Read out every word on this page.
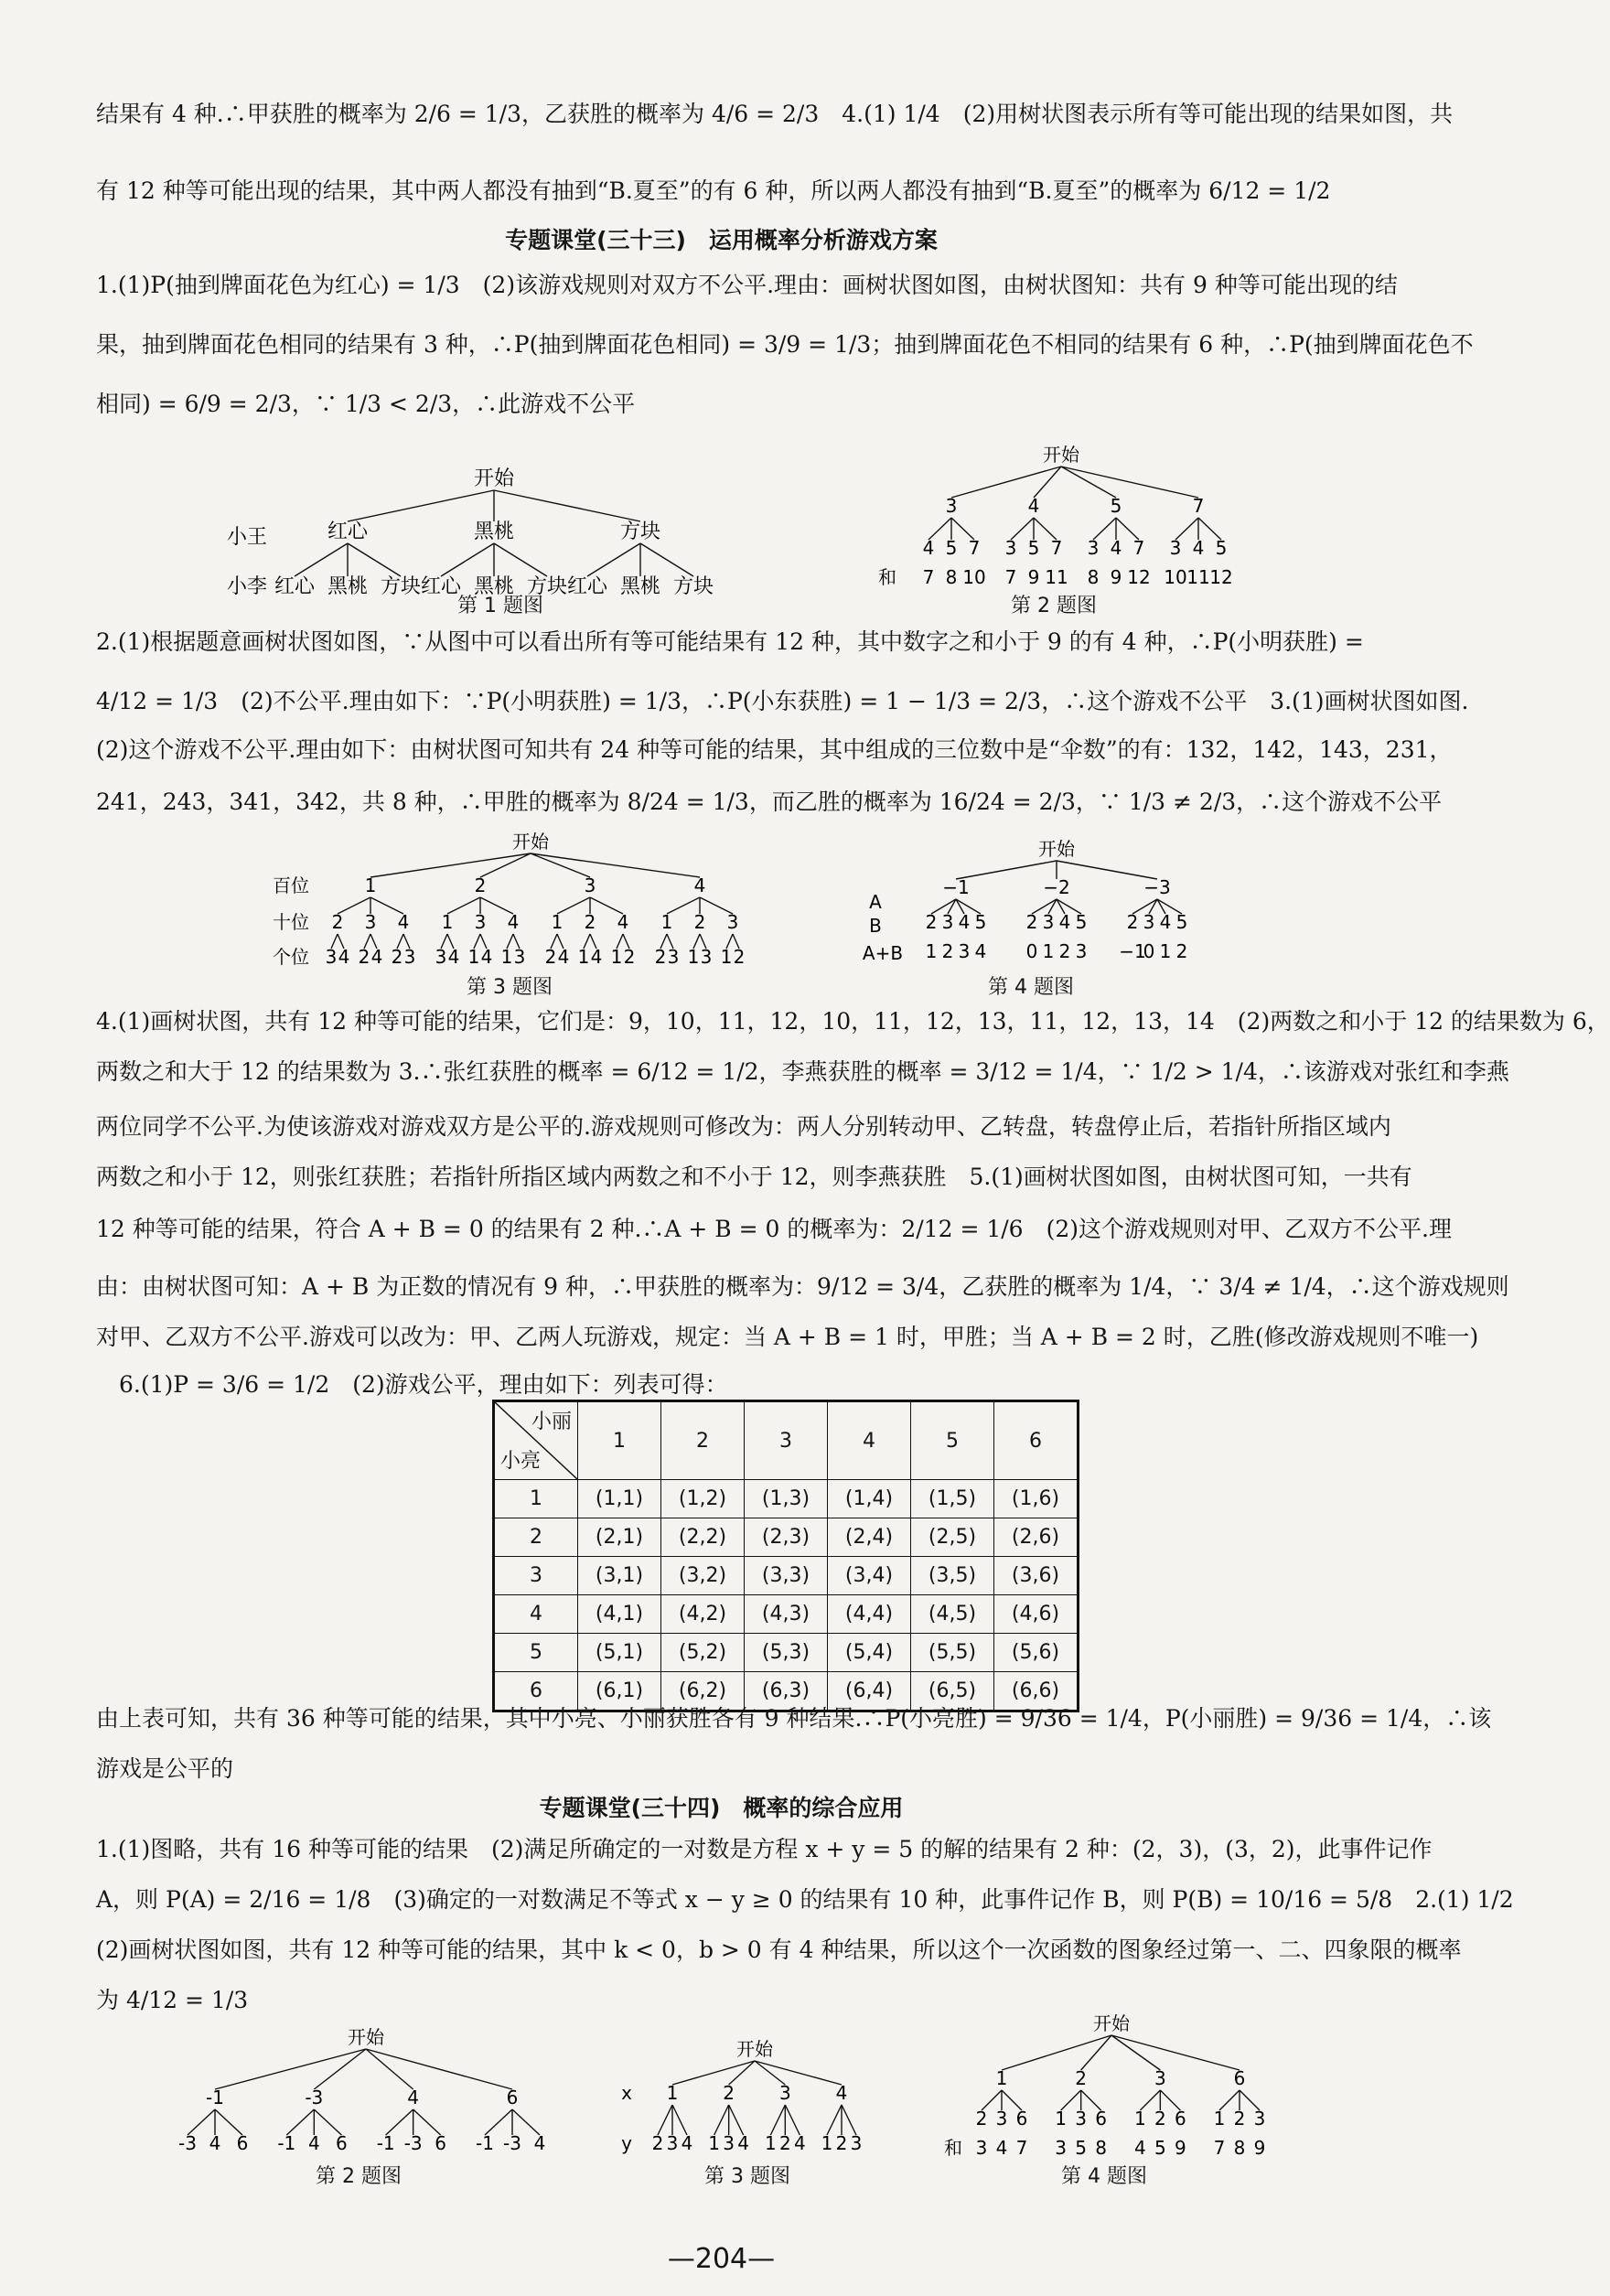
结果有 4 种.∴甲获胜的概率为 2/6 = 1/3，乙获胜的概率为 4/6 = 2/3　4.(1) 1/4　(2)用树状图表示所有等可能出现的结果如图，共
有 12 种等可能出现的结果，其中两人都没有抽到“B.夏至”的有 6 种，所以两人都没有抽到“B.夏至”的概率为 6/12 = 1/2
专题课堂(三十三)　运用概率分析游戏方案
1.(1)P(抽到牌面花色为红心) = 1/3　(2)该游戏规则对双方不公平.理由：画树状图如图，由树状图知：共有 9 种等可能出现的结
果，抽到牌面花色相同的结果有 3 种，∴P(抽到牌面花色相同) = 3/9 = 1/3；抽到牌面花色不相同的结果有 6 种，∴P(抽到牌面花色不
相同) = 6/9 = 2/3，∵ 1/3 < 2/3，∴此游戏不公平
开始
红心	黑桃	方块
红心 黑桃 方块 红心 黑桃 方块 红心 黑桃 方块
小王
小李
第 1 题图
开始
3	4	5	7
4 5 7 3 5 7 3 4 7 3 4 5
7 8 10 7 9 11 8 9 12 10 11 12
和
第 2 题图
2.(1)根据题意画树状图如图，∵从图中可以看出所有等可能结果有 12 种，其中数字之和小于 9 的有 4 种，∴P(小明获胜) =
4/12 = 1/3　(2)不公平.理由如下：∵P(小明获胜) = 1/3，∴P(小东获胜) = 1 − 1/3 = 2/3，∴这个游戏不公平　3.(1)画树状图如图.
(2)这个游戏不公平.理由如下：由树状图可知共有 24 种等可能的结果，其中组成的三位数中是“伞数”的有：132，142，143，231，
241，243，341，342，共 8 种，∴甲胜的概率为 8/24 = 1/3，而乙胜的概率为 16/24 = 2/3，∵ 1/3 ≠ 2/3，∴这个游戏不公平
开始
1	2	3	4
2 3 4 1 3 4 1 2 4 1 2 3
3 4 2 4 2 3 3 4 1 4 1 3 2 4 1 4 1 2 2 3 1 3 1 2
百位
十位
个位
第 3 题图
开始
−1	−2	−3
2 3 4 5 2 3 4 5 2 3 4 5
1 2 3 4 0 1 2 3 −1
0 1 2
A
B
A+B
第 4 题图
4.(1)画树状图，共有 12 种等可能的结果，它们是：9，10，11，12，10，11，12，13，11，12，13，14　(2)两数之和小于 12 的结果数为 6，
两数之和大于 12 的结果数为 3.∴张红获胜的概率 = 6/12 = 1/2，李燕获胜的概率 = 3/12 = 1/4，∵ 1/2 > 1/4，∴该游戏对张红和李燕
两位同学不公平.为使该游戏对游戏双方是公平的.游戏规则可修改为：两人分别转动甲、乙转盘，转盘停止后，若指针所指区域内
两数之和小于 12，则张红获胜；若指针所指区域内两数之和不小于 12，则李燕获胜　5.(1)画树状图如图，由树状图可知，一共有
12 种等可能的结果，符合 A + B = 0 的结果有 2 种.∴A + B = 0 的概率为：2/12 = 1/6　(2)这个游戏规则对甲、乙双方不公平.理
由：由树状图可知：A + B 为正数的情况有 9 种，∴甲获胜的概率为：9/12 = 3/4，乙获胜的概率为 1/4，∵ 3/4 ≠ 1/4，∴这个游戏规则
对甲、乙双方不公平.游戏可以改为：甲、乙两人玩游戏，规定：当 A + B = 1 时，甲胜；当 A + B = 2 时，乙胜(修改游戏规则不唯一)
6.(1)P = 3/6 = 1/2　(2)游戏公平，理由如下：列表可得：
小丽
小亮	1	2	3	4	5	6
1	(1,1)	(1,2)	(1,3)	(1,4)	(1,5)	(1,6)
2	(2,1)	(2,2)	(2,3)	(2,4)	(2,5)	(2,6)
3	(3,1)	(3,2)	(3,3)	(3,4)	(3,5)	(3,6)
4	(4,1)	(4,2)	(4,3)	(4,4)	(4,5)	(4,6)
5	(5,1)	(5,2)	(5,3)	(5,4)	(5,5)	(5,6)
6	(6,1)	(6,2)	(6,3)	(6,4)	(6,5)	(6,6)
由上表可知，共有 36 种等可能的结果，其中小亮、小丽获胜各有 9 种结果.∴P(小亮胜) = 9/36 = 1/4，P(小丽胜) = 9/36 = 1/4，∴该
游戏是公平的
专题课堂(三十四)　概率的综合应用
1.(1)图略，共有 16 种等可能的结果　(2)满足所确定的一对数是方程 x + y = 5 的解的结果有 2 种：(2，3)，(3，2)，此事件记作
A，则 P(A) = 2/16 = 1/8　(3)确定的一对数满足不等式 x − y ≥ 0 的结果有 10 种，此事件记作 B，则 P(B) = 10/16 = 5/8　2.(1) 1/2
(2)画树状图如图，共有 12 种等可能的结果，其中 k < 0，b > 0 有 4 种结果，所以这个一次函数的图象经过第一、二、四象限的概率
为 4/12 = 1/3
开始
-1	-3	4	6
-3 4 6 -1 4 6 -1 -3 6 -1 -3 4
第 2 题图
开始
1 2 3 4
2 3 4 1 3 4 1 2 4 1 2 3
x
y
第 3 题图
开始
1	2	3	6
2 3 6 1 3 6 1 2 6 1 2 3
3 4 7 3 5 8 4 5 9 7 8 9
和
第 4 题图
—204—
